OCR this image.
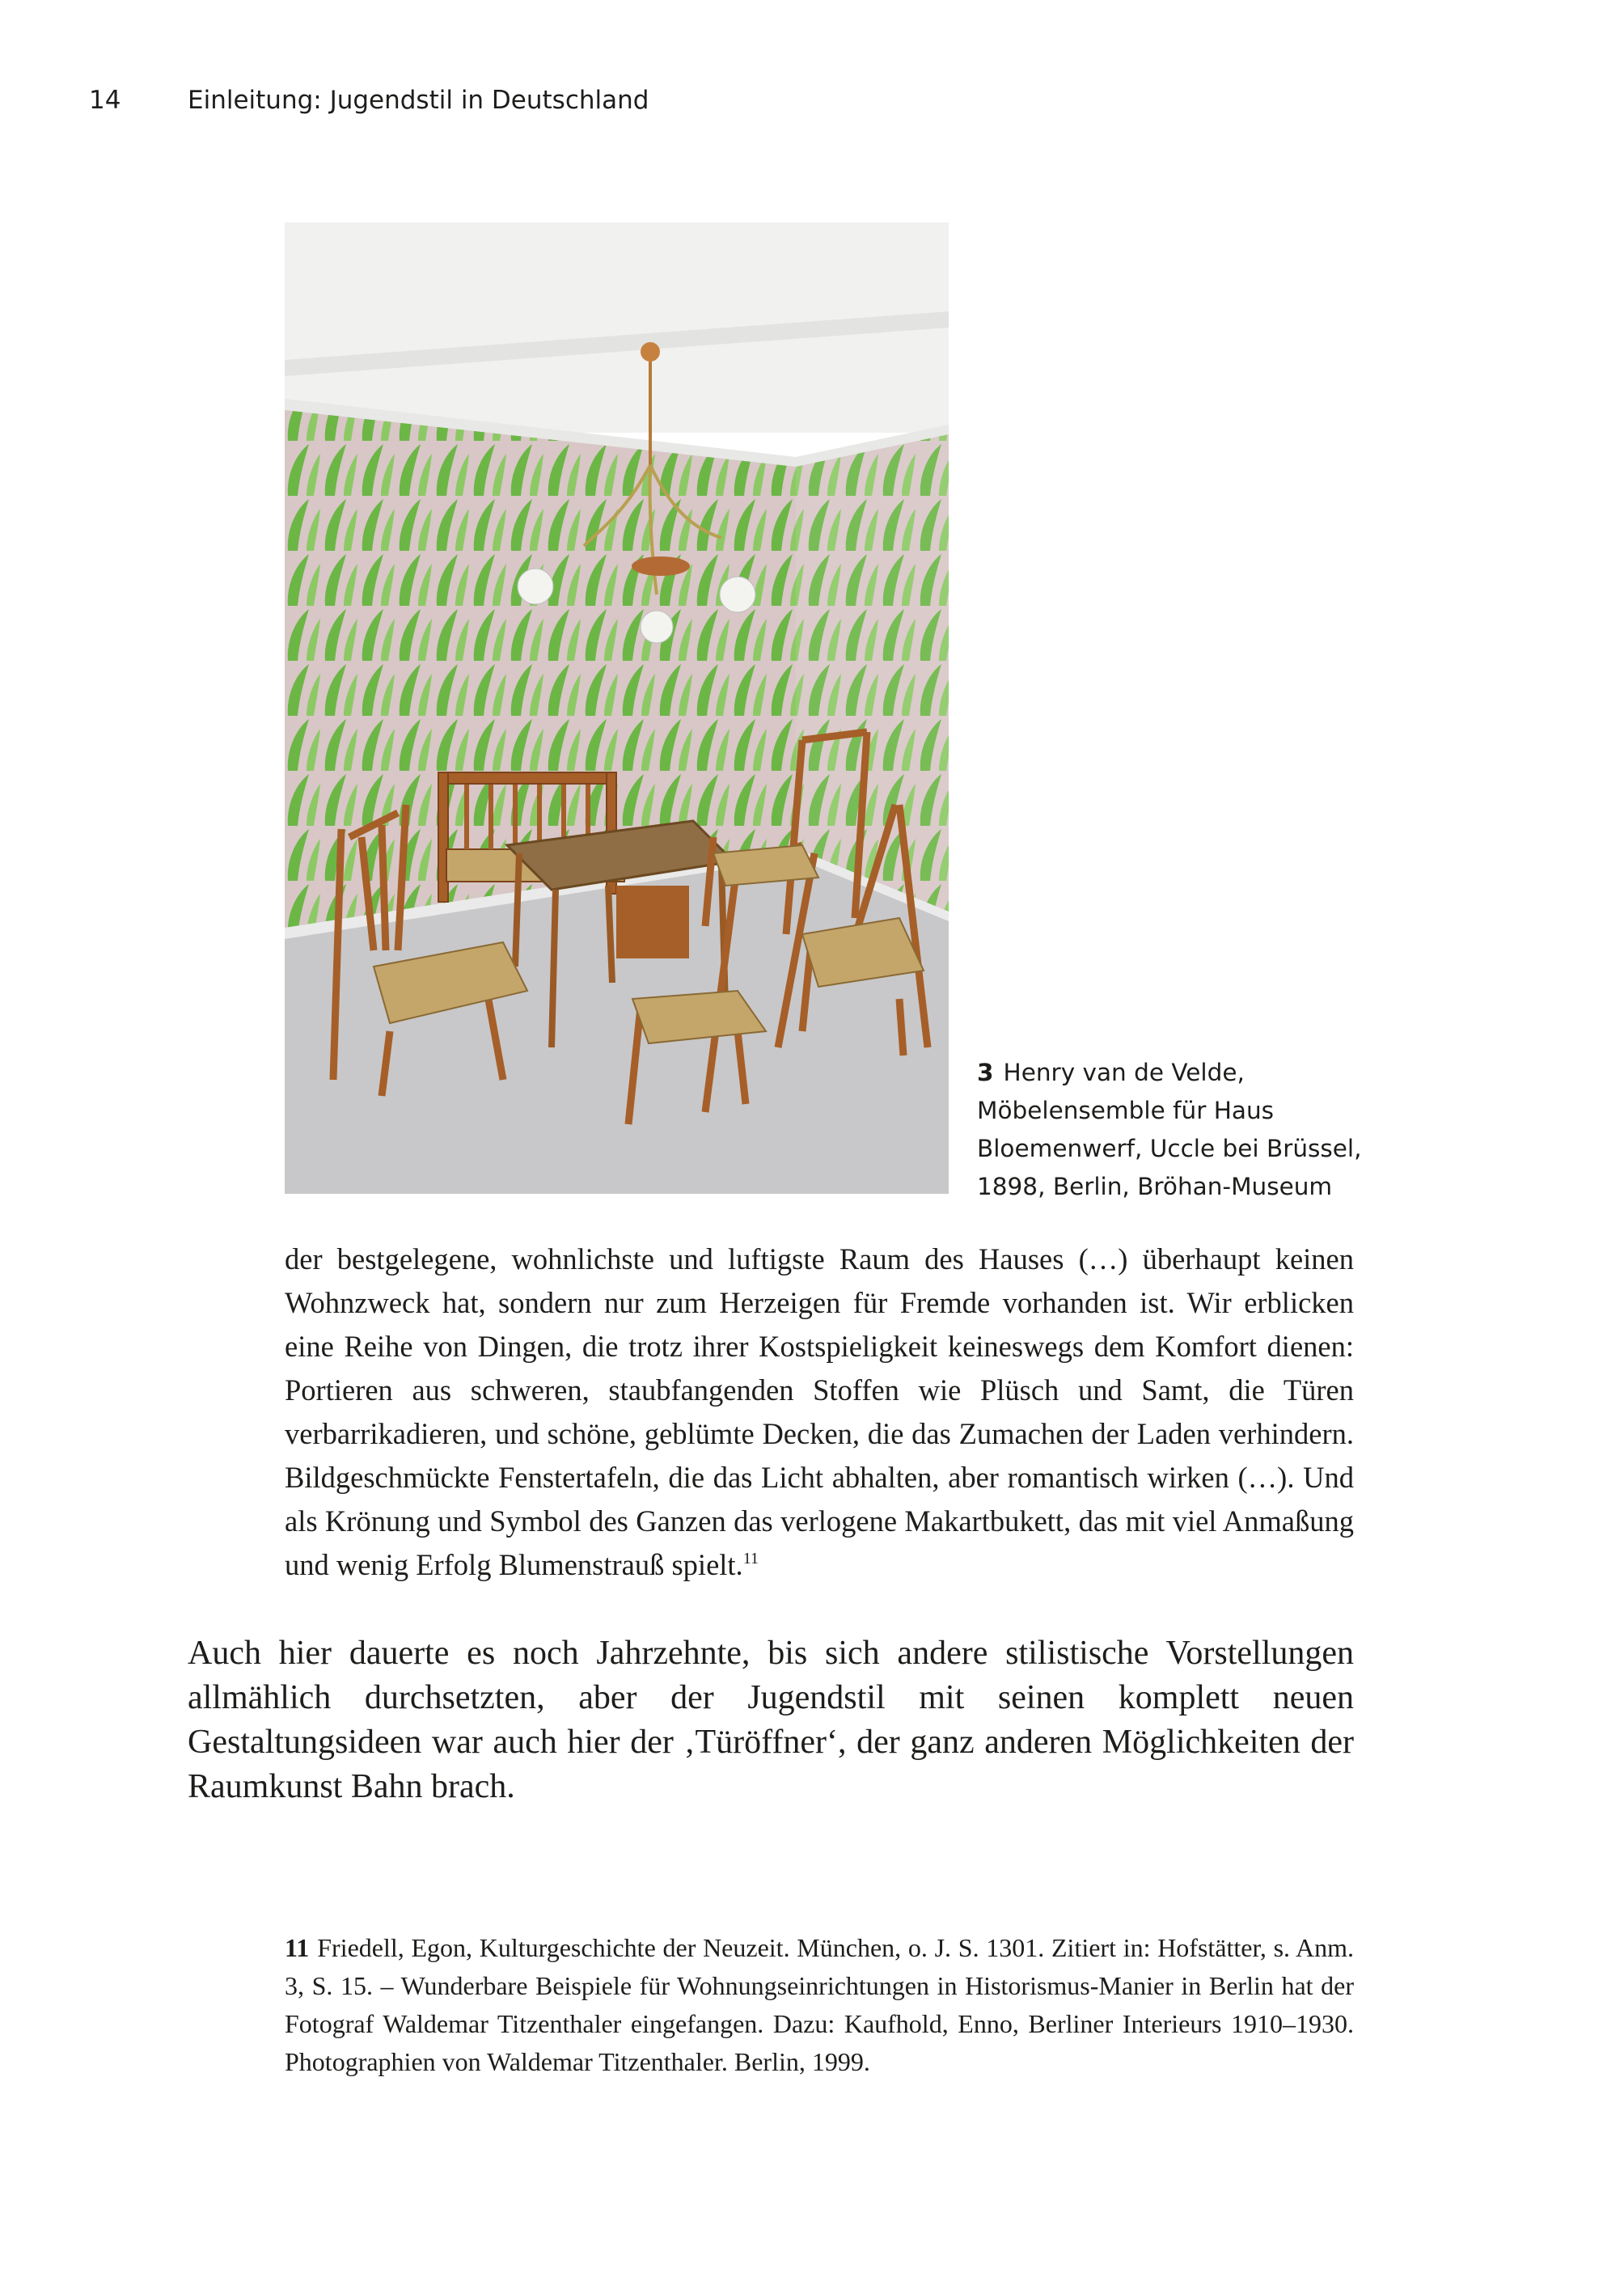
14	Einleitung: Jugendstil in Deutschland
3 Henry van de Velde, Möbelensemble für Haus Bloemenwerf, Uccle bei Brüssel, 1898, Berlin, Bröhan-Museum
der bestgelegene, wohnlichste und luftigste Raum des Hauses (…) überhaupt keinen Wohnzweck hat, sondern nur zum Herzeigen für Fremde vorhanden ist. Wir erblicken eine Reihe von Dingen, die trotz ihrer Kostspieligkeit keineswegs dem Komfort dienen: Portieren aus schweren, staubfangenden Stoffen wie Plüsch und Samt, die Türen verbarrikadieren, und schöne, geblümte Decken, die das Zumachen der Laden verhindern. Bildgeschmückte Fenstertafeln, die das Licht abhalten, aber romantisch wirken (…). Und als Krönung und Symbol des Ganzen das verlogene Makartbukett, das mit viel Anmaßung und wenig Erfolg Blumenstrauß spielt.$^{11}$
Auch hier dauerte es noch Jahrzehnte, bis sich andere stilistische Vorstellungen allmählich durchsetzten, aber der Jugendstil mit seinen komplett neuen Gestaltungsideen war auch hier der ‚Türöffner‘, der ganz anderen Möglichkeiten der Raumkunst Bahn brach.
11 Friedell, Egon, Kulturgeschichte der Neuzeit. München, o. J. S. 1301. Zitiert in: Hofstätter, s. Anm. 3, S. 15. – Wunderbare Beispiele für Wohnungseinrichtungen in Historismus-Manier in Berlin hat der Fotograf Waldemar Titzenthaler eingefangen. Dazu: Kaufhold, Enno, Berliner Interieurs 1910–1930. Photographien von Waldemar Titzenthaler. Berlin, 1999.
